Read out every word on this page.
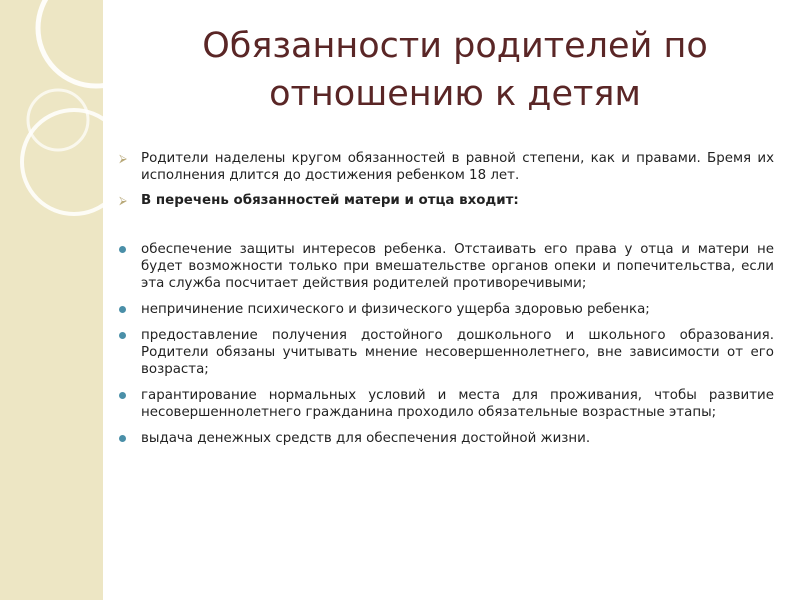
Обязанности родителей по
отношению к детям
⮚ Родители наделены кругом обязанностей в равной степени, как и правами. Бремя их исполнения длится до достижения ребенком 18 лет.
⮚ В перечень обязанностей матери и отца входит:
обеспечение защиты интересов ребенка. Отстаивать его права у отца и матери не будет возможности только при вмешательстве органов опеки и попечительства, если эта служба посчитает действия родителей противоречивыми;
непричинение психического и физического ущерба здоровью ребенка;
предоставление получения достойного дошкольного и школьного образования. Родители обязаны учитывать мнение несовершеннолетнего, вне зависимости от его возраста;
гарантирование нормальных условий и места для проживания, чтобы развитие несовершеннолетнего гражданина проходило обязательные возрастные этапы;
выдача денежных средств для обеспечения достойной жизни.
